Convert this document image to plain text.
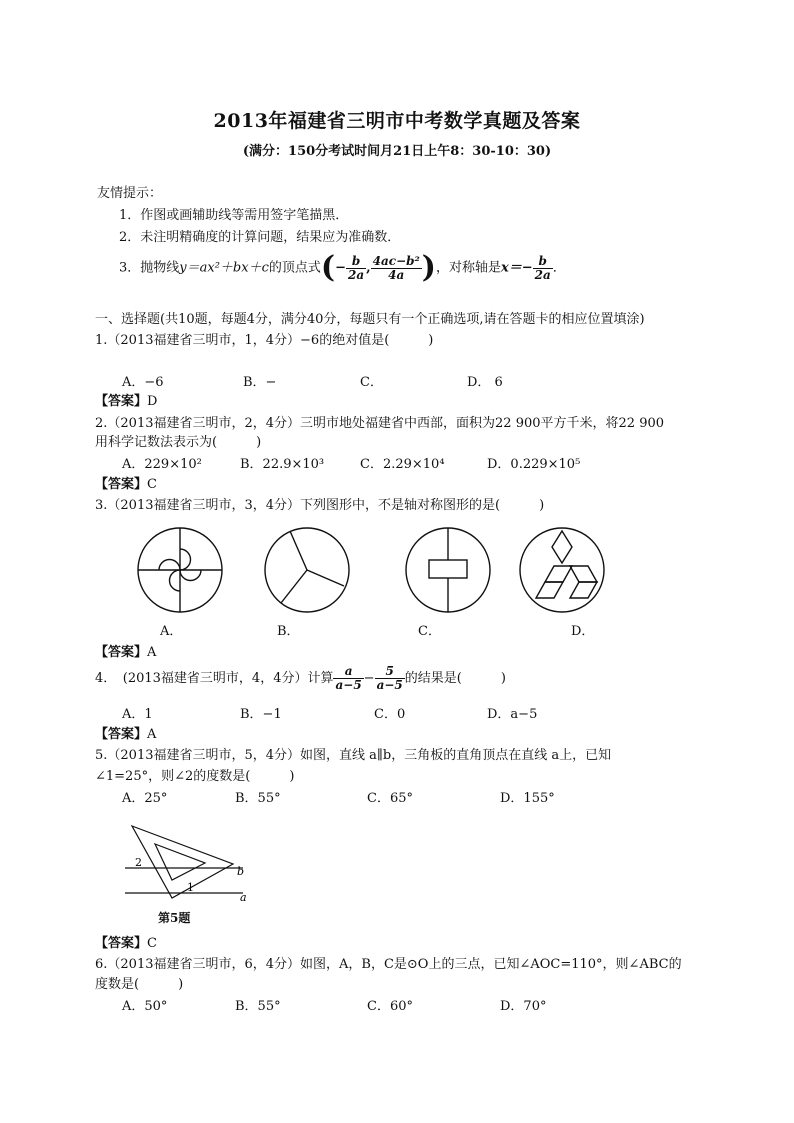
2013年福建省三明市中考数学真题及答案
(满分：150分考试时间月21日上午8：30-10：30)
友情提示：
1．作图或画辅助线等需用签字笔描黑．
2．未注明精确度的计算问题，结果应为准确数．
3．抛物线y＝ax²＋bx＋c的顶点式(− $\frac{b}{2a}$ , $\frac{\text{4ac−b²}}{4a}$ )，对称轴是$x=- \frac{b}{2a}$ ．
一、选择题(共10题，每题4分，满分40分，每题只有一个正确选项,请在答题卡的相应位置填涂)
1.（2013福建省三明市，1，4分）−6的绝对值是(　　　)
A．−6	B．−	C．	D． 6
【答案】D
2.（2013福建省三明市，2，4分）三明市地处福建省中西部，面积为22 900平方千米，将22 900
用科学记数法表示为(　　　)
A．229×10²	B．22.9×10³	C．2.29×10⁴	D．0.229×10⁵
【答案】C
3.（2013福建省三明市，3，4分）下列图形中，不是轴对称图形的是(　　　)
A．	B．	C．	D．
【答案】A
4．　(2013福建省三明市，4，4分）计算 $\frac{a}{a-5} - \frac{5}{a-5}$ 的结果是(　　　)
A．1	B．−1	C．0	D．a−5
【答案】A
5.（2013福建省三明市，5，4分）如图，直线 a∥b，三角板的直角顶点在直线 a上，已知
∠1=25°，则∠2的度数是(　　　)
A．25°	B．55°	C．65°	D．155°
2
1
a
b
第5题
【答案】C
6.（2013福建省三明市，6，4分）如图，A，B，C是⊙O上的三点，已知∠AOC=110°，则∠ABC的
度数是(　　　)
A．50°	B．55°	C．60°	D．70°
